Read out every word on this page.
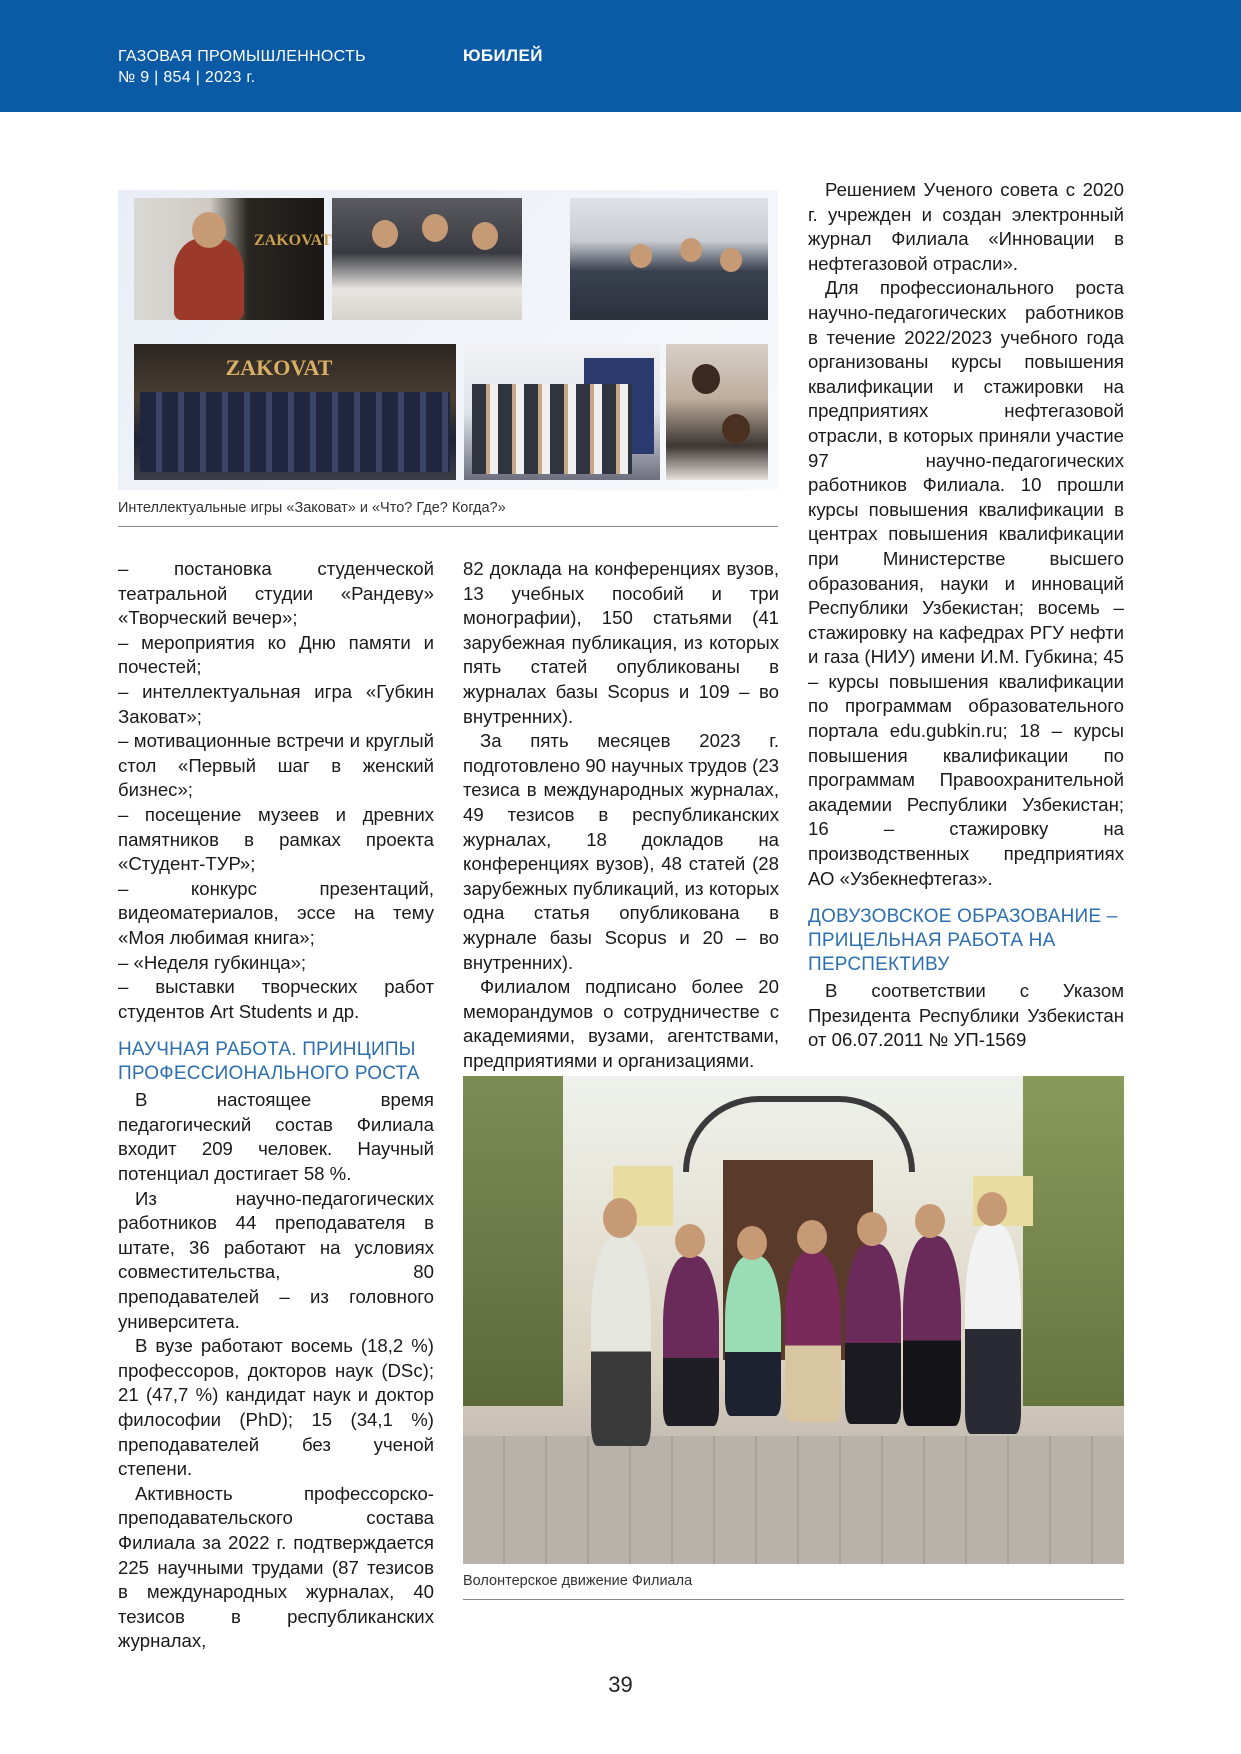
ГАЗОВАЯ ПРОМЫШЛЕННОСТЬ
№ 9 | 854 | 2023 г.
ЮБИЛЕЙ
ZAKOVAT
ZAKOVAT
Интеллектуальные игры «Заковат» и «Что? Где? Когда?»

– постановка студенческой театральной студии «Рандеву» «Творческий вечер»;

– мероприятия ко Дню памяти и почестей;

– интеллектуальная игра «Губкин Заковат»;

– мотивационные встречи и круглый стол «Первый шаг в женский бизнес»;

– посещение музеев и древних памятников в рамках проекта «Студент-ТУР»;

– конкурс презентаций, видеоматериалов, эссе на тему «Моя любимая книга»;

– «Неделя губкинца»;

– выставки творческих работ студентов Art Students и др.

НАУЧНАЯ РАБОТА. ПРИНЦИПЫ ПРОФЕССИОНАЛЬНОГО РОСТА

В настоящее время педагогический состав Филиала входит 209 человек. Научный потенциал достигает 58 %.

Из научно-педагогических работников 44 преподавателя в штате, 36 работают на условиях совместительства, 80 преподавателей – из головного университета.

В вузе работают восемь (18,2 %) профессоров, докторов наук (DSc); 21 (47,7 %) кандидат наук и доктор философии (PhD); 15 (34,1 %) преподавателей без ученой степени.

Активность профессорско-преподавательского состава Филиала за 2022 г. подтверждается 225 научными трудами (87 тезисов в международных журналах, 40 тезисов в республиканских журналах,

82 доклада на конференциях вузов, 13 учебных пособий и три монографии), 150 статьями (41 зарубежная публикация, из которых пять статей опубликованы в журналах базы Scopus и 109 – во внутренних).

За пять месяцев 2023 г. подготовлено 90 научных трудов (23 тезиса в международных журналах, 49 тезисов в республиканских журналах, 18 докладов на конференциях вузов), 48 статей (28 зарубежных публикаций, из которых одна статья опубликована в журнале базы Scopus и 20 – во внутренних).

Филиалом подписано более 20 меморандумов о сотрудничестве с академиями, вузами, агентствами, предприятиями и организациями.

Решением Ученого совета с 2020 г. учрежден и создан электронный журнал Филиала «Инновации в нефтегазовой отрасли».

Для профессионального роста научно-педагогических работников в течение 2022/2023 учебного года организованы курсы повышения квалификации и стажировки на предприятиях нефтегазовой отрасли, в которых приняли участие 97 научно-педагогических работников Филиала. 10 прошли курсы повышения квалификации в центрах повышения квалификации при Министерстве высшего образования, науки и инноваций Республики Узбекистан; восемь – стажировку на кафедрах РГУ нефти и газа (НИУ) имени И.М. Губкина; 45 – курсы повышения квалификации по программам образовательного портала edu.gubkin.ru; 18 – курсы повышения квалификации по программам Правоохранительной академии Республики Узбекистан; 16 – стажировку на производственных предприятиях АО «Узбекнефтегаз».

ДОВУЗОВСКОЕ ОБРАЗОВАНИЕ – ПРИЦЕЛЬНАЯ РАБОТА НА ПЕРСПЕКТИВУ

В соответствии с Указом Президента Республики Узбекистан от 06.07.2011 № УП-1569

Волонтерское движение Филиала
39
